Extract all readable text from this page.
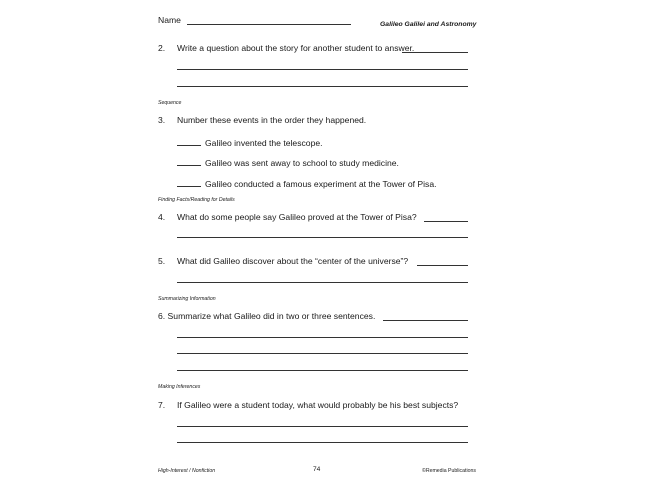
Name	Galileo Galilei and Astronomy
2. Write a question about the story for another student to answer.
Sequence
3. Number these events in the order they happened.
Galileo invented the telescope.
Galileo was sent away to school to study medicine.
Galileo conducted a famous experiment at the Tower of Pisa.
Finding Facts/Reading for Details
4. What do some people say Galileo proved at the Tower of Pisa?
5. What did Galileo discover about the “center of the universe”?
Summarizing Information
6. Summarize what Galileo did in two or three sentences.
Making Inferences
7. If Galileo were a student today, what would probably be his best subjects?
High-Interest / Nonfiction	74	©Remedia Publications
